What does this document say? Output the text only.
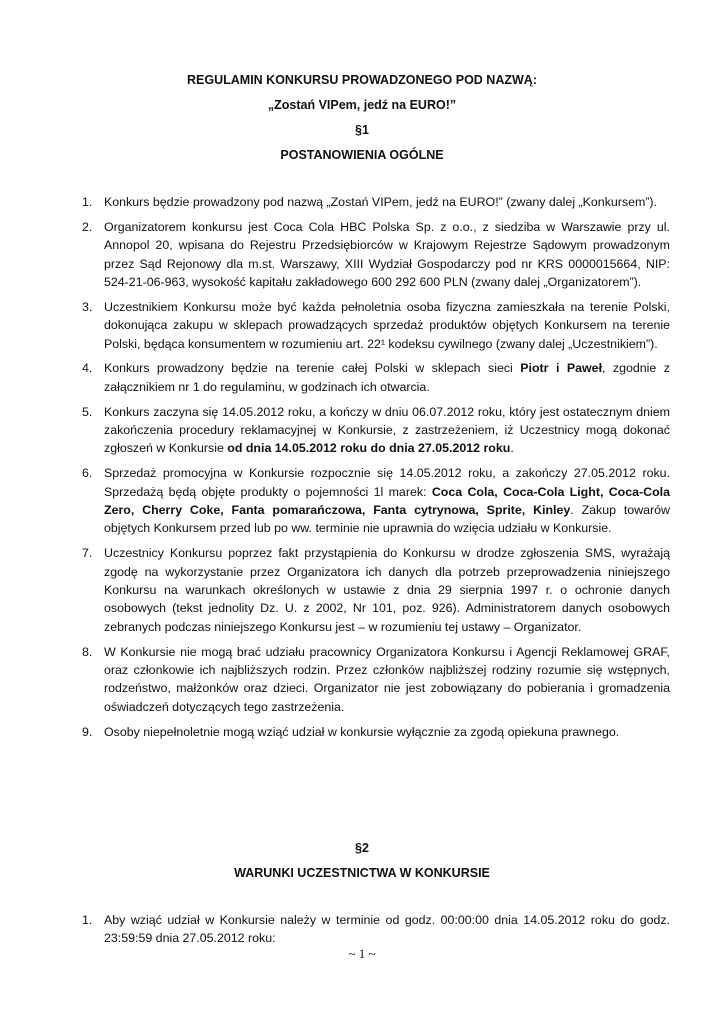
REGULAMIN KONKURSU PROWADZONEGO POD NAZWĄ:
„Zostań VIPem, jedź na EURO!”
§1
POSTANOWIENIA OGÓLNE
1. Konkurs będzie prowadzony pod nazwą „Zostań VIPem, jedź na EURO!” (zwany dalej „Konkursem”).
2. Organizatorem konkursu jest Coca Cola HBC Polska Sp. z o.o., z siedziba w Warszawie przy ul. Annopol 20, wpisana do Rejestru Przedsiębiorców w Krajowym Rejestrze Sądowym prowadzonym przez Sąd Rejonowy dla m.st. Warszawy, XIII Wydział Gospodarczy pod nr KRS 0000015664, NIP: 524-21-06-963, wysokość kapitału zakładowego 600 292 600 PLN (zwany dalej „Organizatorem”).
3. Uczestnikiem Konkursu może być każda pełnoletnia osoba fizyczna zamieszkała na terenie Polski, dokonująca zakupu w sklepach prowadzących sprzedaż produktów objętych Konkursem na terenie Polski, będąca konsumentem w rozumieniu art. 22¹ kodeksu cywilnego (zwany dalej „Uczestnikiem”).
4. Konkurs prowadzony będzie na terenie całej Polski w sklepach sieci Piotr i Paweł, zgodnie z załącznikiem nr 1 do regulaminu, w godzinach ich otwarcia.
5. Konkurs zaczyna się 14.05.2012 roku, a kończy w dniu 06.07.2012 roku, który jest ostatecznym dniem zakończenia procedury reklamacyjnej w Konkursie, z zastrzeżeniem, iż Uczestnicy mogą dokonać zgłoszeń w Konkursie od dnia 14.05.2012 roku do dnia 27.05.2012 roku.
6. Sprzedaż promocyjna w Konkursie rozpocznie się 14.05.2012 roku, a zakończy 27.05.2012 roku. Sprzedażą będą objęte produkty o pojemności 1l marek: Coca Cola, Coca-Cola Light, Coca-Cola Zero, Cherry Coke, Fanta pomarańczowa, Fanta cytrynowa, Sprite, Kinley. Zakup towarów objętych Konkursem przed lub po ww. terminie nie uprawnia do wzięcia udziału w Konkursie.
7. Uczestnicy Konkursu poprzez fakt przystąpienia do Konkursu w drodze zgłoszenia SMS, wyrażają zgodę na wykorzystanie przez Organizatora ich danych dla potrzeb przeprowadzenia niniejszego Konkursu na warunkach określonych w ustawie z dnia 29 sierpnia 1997 r. o ochronie danych osobowych (tekst jednolity Dz. U. z 2002, Nr 101, poz. 926). Administratorem danych osobowych zebranych podczas niniejszego Konkursu jest – w rozumieniu tej ustawy – Organizator.
8. W Konkursie nie mogą brać udziału pracownicy Organizatora Konkursu i Agencji Reklamowej GRAF, oraz członkowie ich najbliższych rodzin. Przez członków najbliższej rodziny rozumie się wstępnych, rodzeństwo, małżonków oraz dzieci. Organizator nie jest zobowiązany do pobierania i gromadzenia oświadczeń dotyczących tego zastrzeżenia.
9. Osoby niepełnoletnie mogą wziąć udział w konkursie wyłącznie za zgodą opiekuna prawnego.
§2
WARUNKI UCZESTNICTWA W KONKURSIE
1. Aby wziąć udział w Konkursie należy w terminie od godz. 00:00:00 dnia 14.05.2012 roku do godz. 23:59:59 dnia 27.05.2012 roku:
~ 1 ~
